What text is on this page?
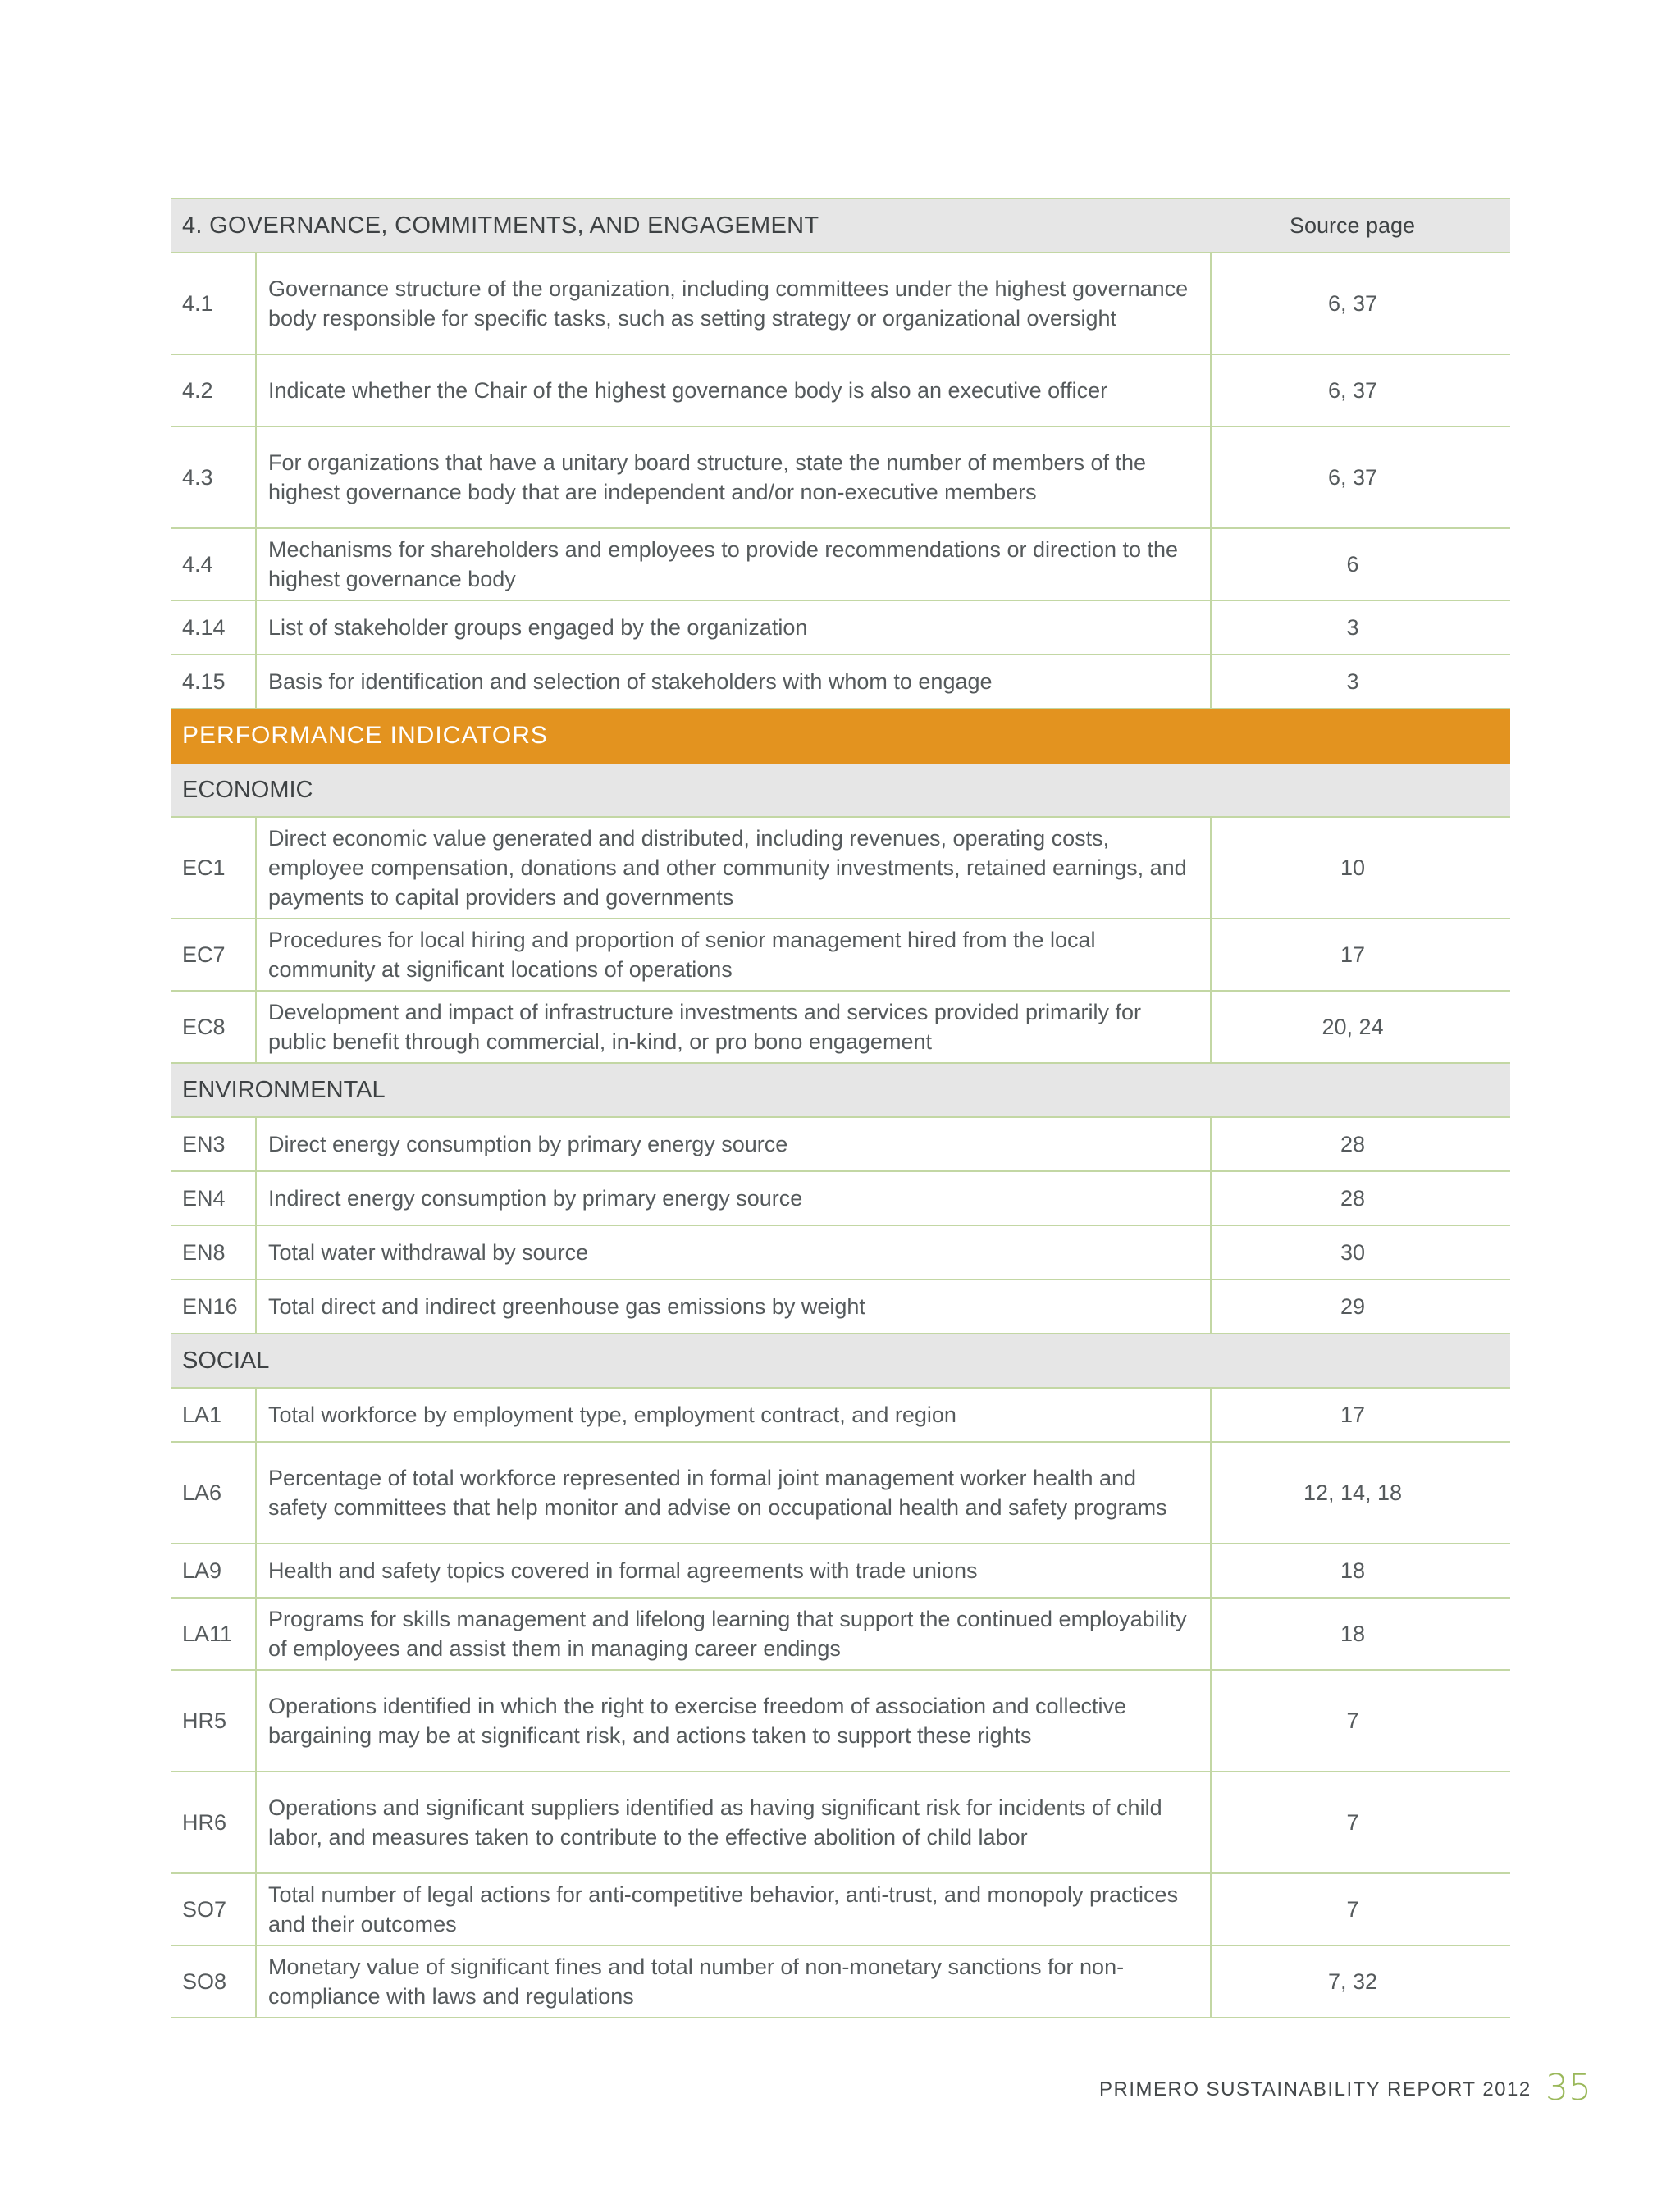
4. GOVERNANCE, COMMITMENTS, AND ENGAGEMENT		Source page
4.1	Governance structure of the organization, including committees under the highest governance body responsible for specific tasks, such as setting strategy or organizational oversight	6, 37
4.2	Indicate whether the Chair of the highest governance body is also an executive officer	6, 37
4.3	For organizations that have a unitary board structure, state the number of members of the highest governance body that are independent and/or non-executive members	6, 37
4.4	Mechanisms for shareholders and employees to provide recommendations or direction to the highest governance body	6
4.14	List of stakeholder groups engaged by the organization	3
4.15	Basis for identification and selection of stakeholders with whom to engage	3
PERFORMANCE INDICATORS		
ECONOMIC		
EC1	Direct economic value generated and distributed, including revenues, operating costs, employee compensation, donations and other community investments, retained earnings, and payments to capital providers and governments	10
EC7	Procedures for local hiring and proportion of senior management hired from the local community at significant locations of operations	17
EC8	Development and impact of infrastructure investments and services provided primarily for public benefit through commercial, in-kind, or pro bono engagement	20, 24
ENVIRONMENTAL		
EN3	Direct energy consumption by primary energy source	28
EN4	Indirect energy consumption by primary energy source	28
EN8	Total water withdrawal by source	30
EN16	Total direct and indirect greenhouse gas emissions by weight	29
SOCIAL		
LA1	Total workforce by employment type, employment contract, and region	17
LA6	Percentage of total workforce represented in formal joint management worker health and safety committees that help monitor and advise on occupational health and safety programs	12, 14, 18
LA9	Health and safety topics covered in formal agreements with trade unions	18
LA11	Programs for skills management and lifelong learning that support the continued employability of employees and assist them in managing career endings	18
HR5	Operations identified in which the right to exercise freedom of association and collective bargaining may be at significant risk, and actions taken to support these rights	7
HR6	Operations and significant suppliers identified as having significant risk for incidents of child labor, and measures taken to contribute to the effective abolition of child labor	7
SO7	Total number of legal actions for anti-competitive behavior, anti-trust, and monopoly practices and their outcomes	7
SO8	Monetary value of significant fines and total number of non-monetary sanctions for non-compliance with laws and regulations	7, 32
PRIMERO SUSTAINABILITY REPORT 2012 35
